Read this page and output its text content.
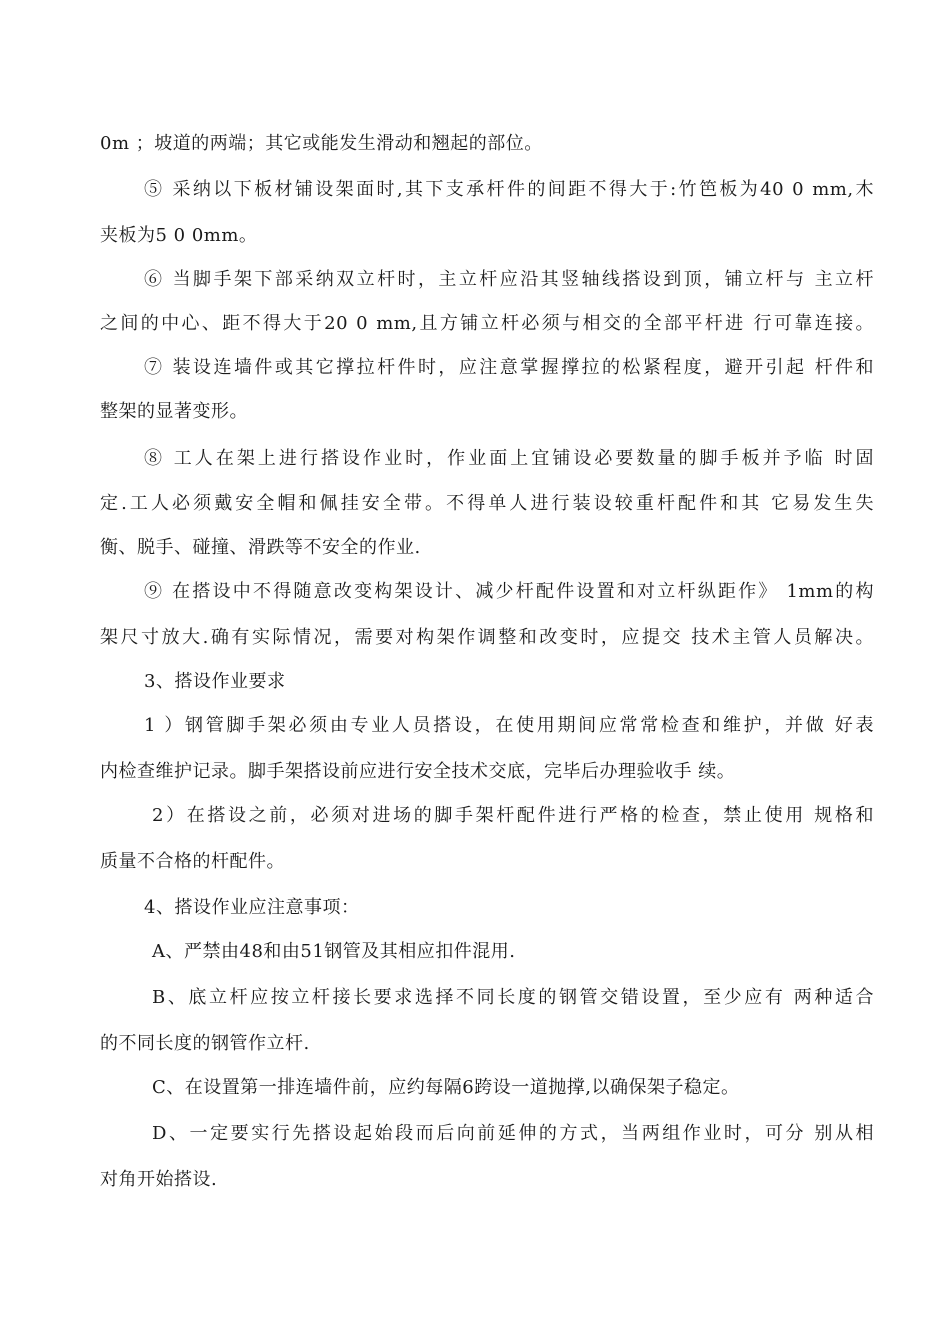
0m ；坡道的两端；其它或能发生滑动和翘起的部位。
⑤ 采纳以下板材铺设架面时,其下支承杆件的间距不得大于:竹笆板为40 0 mm,木
夹板为5 0 0mm。
⑥ 当脚手架下部采纳双立杆时，主立杆应沿其竖轴线搭设到顶，铺立杆与 主立杆
之间的中心、距不得大于20 0 mm,且方铺立杆必须与相交的全部平杆进 行可靠连接。
⑦ 装设连墙件或其它撑拉杆件时，应注意掌握撑拉的松紧程度，避开引起 杆件和
整架的显著变形。
⑧ 工人在架上进行搭设作业时，作业面上宜铺设必要数量的脚手板并予临 时固
定.工人必须戴安全帽和佩挂安全带。不得单人进行装设较重杆配件和其 它易发生失
衡、脱手、碰撞、滑跌等不安全的作业.
⑨ 在搭设中不得随意改变构架设计、减少杆配件设置和对立杆纵距作》 1mm的构
架尺寸放大.确有实际情况，需要对构架作调整和改变时，应提交 技术主管人员解决。
3、搭设作业要求
1 ）钢管脚手架必须由专业人员搭设，在使用期间应常常检查和维护，并做 好表
内检查维护记录。脚手架搭设前应进行安全技术交底，完毕后办理验收手 续。
2）在搭设之前，必须对进场的脚手架杆配件进行严格的检查，禁止使用 规格和
质量不合格的杆配件。
4、搭设作业应注意事项：
A、严禁由48和由51钢管及其相应扣件混用.
B、底立杆应按立杆接长要求选择不同长度的钢管交错设置，至少应有 两种适合
的不同长度的钢管作立杆.
C、在设置第一排连墙件前，应约每隔6跨设一道抛撑,以确保架子稳定。
D、一定要实行先搭设起始段而后向前延伸的方式，当两组作业时，可分 别从相
对角开始搭设.
